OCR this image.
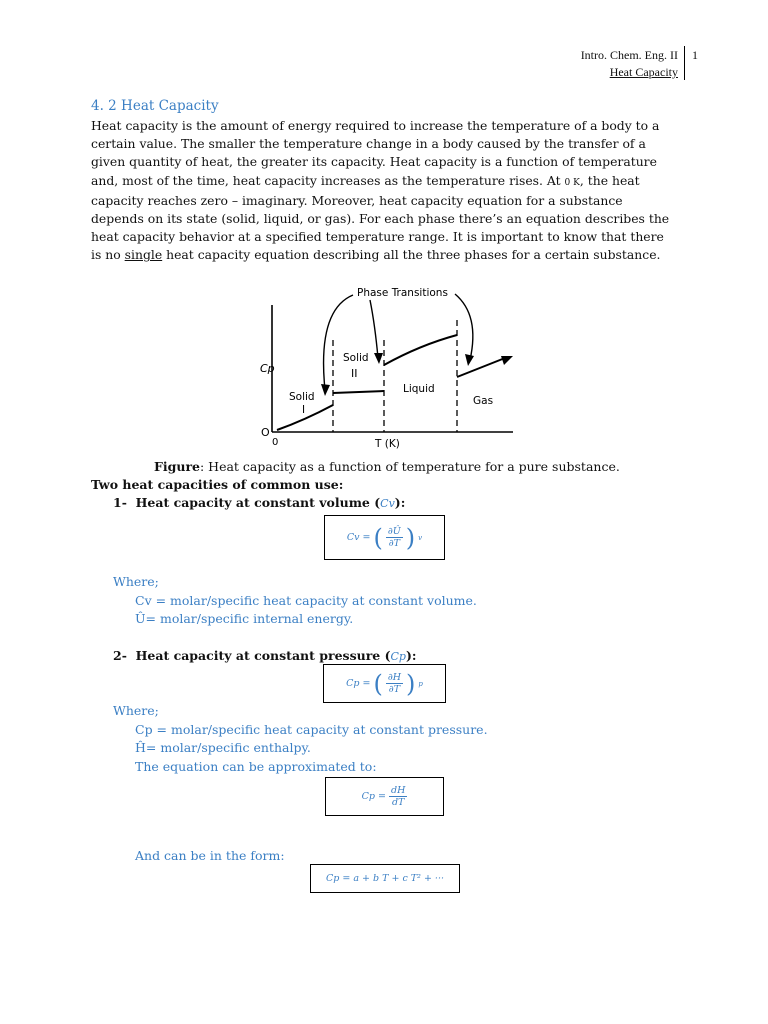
Intro. Chem. Eng. II
Heat Capacity
1
4. 2 Heat Capacity
Heat capacity is the amount of energy required to increase the temperature of a body to a certain value. The smaller the temperature change in a body caused by the transfer of a given quantity of heat, the greater its capacity. Heat capacity is a function of temperature and, most of the time, heat capacity increases as the temperature rises. At 0 K, the heat capacity reaches zero – imaginary. Moreover, heat capacity equation for a substance depends on its state (solid, liquid, or gas). For each phase there’s an equation describes the heat capacity behavior at a specified temperature range. It is important to know that there is no single heat capacity equation describing all the three phases for a certain substance.
Phase Transitions
Cp
O
0	T (K)
Solid
I
Solid
II
Liquid
Gas
Figure: Heat capacity as a function of temperature for a pure substance.
Two heat capacities of common use:
1-  Heat capacity at constant volume (Cv):
Cv = ( $\frac{\partial Û}{\partial T}$ ) v
Where;
Cv = molar/specific heat capacity at constant volume.
Û= molar/specific internal energy.
2-  Heat capacity at constant pressure (Cp):
Cp = ( $\frac{\partial H}{\partial T}$ ) p
Where;
Cp = molar/specific heat capacity at constant pressure.
Ĥ= molar/specific enthalpy.
The equation can be approximated to:
$Cp = \frac{dH}{dT}$
And can be in the form:
Cp = a + b T + c T² + ···
